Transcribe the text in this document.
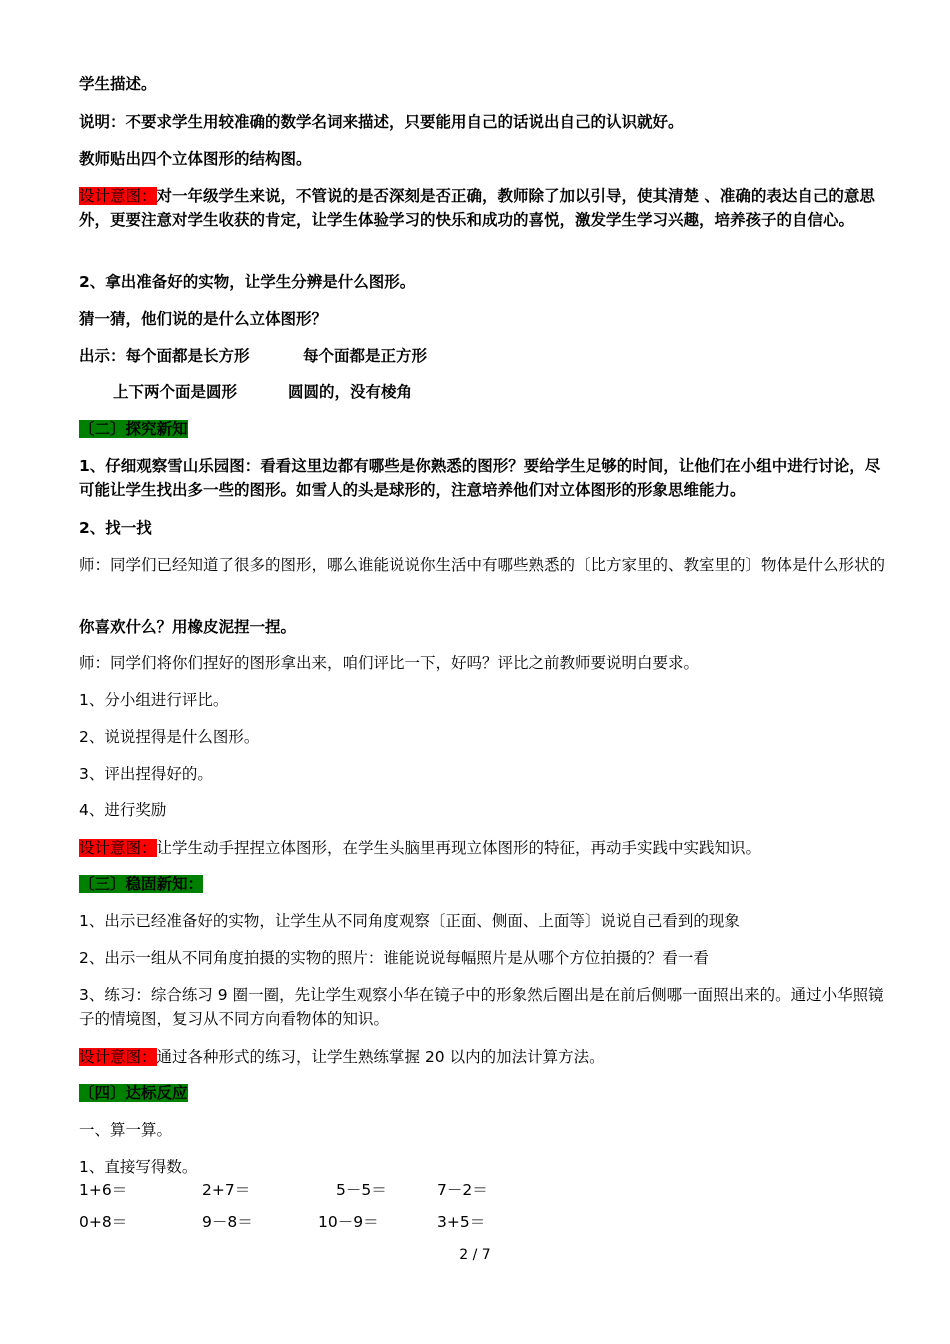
学生描述。
说明：不要求学生用较准确的数学名词来描述，只要能用自己的话说出自己的认识就好。
教师贴出四个立体图形的结构图。
设计意图：对一年级学生来说，不管说的是否深刻是否正确，教师除了加以引导，使其清楚 、准确的表达自己的意思外，更要注意对学生收获的肯定，让学生体验学习的快乐和成功的喜悦，激发学生学习兴趣，培养孩子的自信心。
2、拿出准备好的实物，让学生分辨是什么图形。
猜一猜，他们说的是什么立体图形？
出示：每个面都是长方形	每个面都是正方形
上下两个面是圆形	圆圆的，没有棱角
〔二〕探究新知
1、仔细观察雪山乐园图：看看这里边都有哪些是你熟悉的图形？要给学生足够的时间，让他们在小组中进行讨论，尽可能让学生找出多一些的图形。如雪人的头是球形的，注意培养他们对立体图形的形象思维能力。
2、找一找
师：同学们已经知道了很多的图形，哪么谁能说说你生活中有哪些熟悉的〔比方家里的、教室里的〕物体是什么形状的
你喜欢什么？用橡皮泥捏一捏。
师：同学们将你们捏好的图形拿出来，咱们评比一下，好吗？评比之前教师要说明白要求。
1、分小组进行评比。
2、说说捏得是什么图形。
3、评出捏得好的。
4、进行奖励
设计意图：让学生动手捏捏立体图形，在学生头脑里再现立体图形的特征，再动手实践中实践知识。
〔三〕稳固新知：
1、出示已经准备好的实物，让学生从不同角度观察〔正面、侧面、上面等〕说说自己看到的现象
2、出示一组从不同角度拍摄的实物的照片：谁能说说每幅照片是从哪个方位拍摄的？看一看
3、练习：综合练习 9 圈一圈，先让学生观察小华在镜子中的形象然后圈出是在前后侧哪一面照出来的。通过小华照镜子的情境图，复习从不同方向看物体的知识。
设计意图：通过各种形式的练习，让学生熟练掌握 20 以内的加法计算方法。
〔四〕达标反应
一、算一算。
1、直接写得数。
1+6＝	2+7＝	5－5＝	7－2＝
0+8＝	9－8＝	10－9＝	3+5＝
2 / 7
